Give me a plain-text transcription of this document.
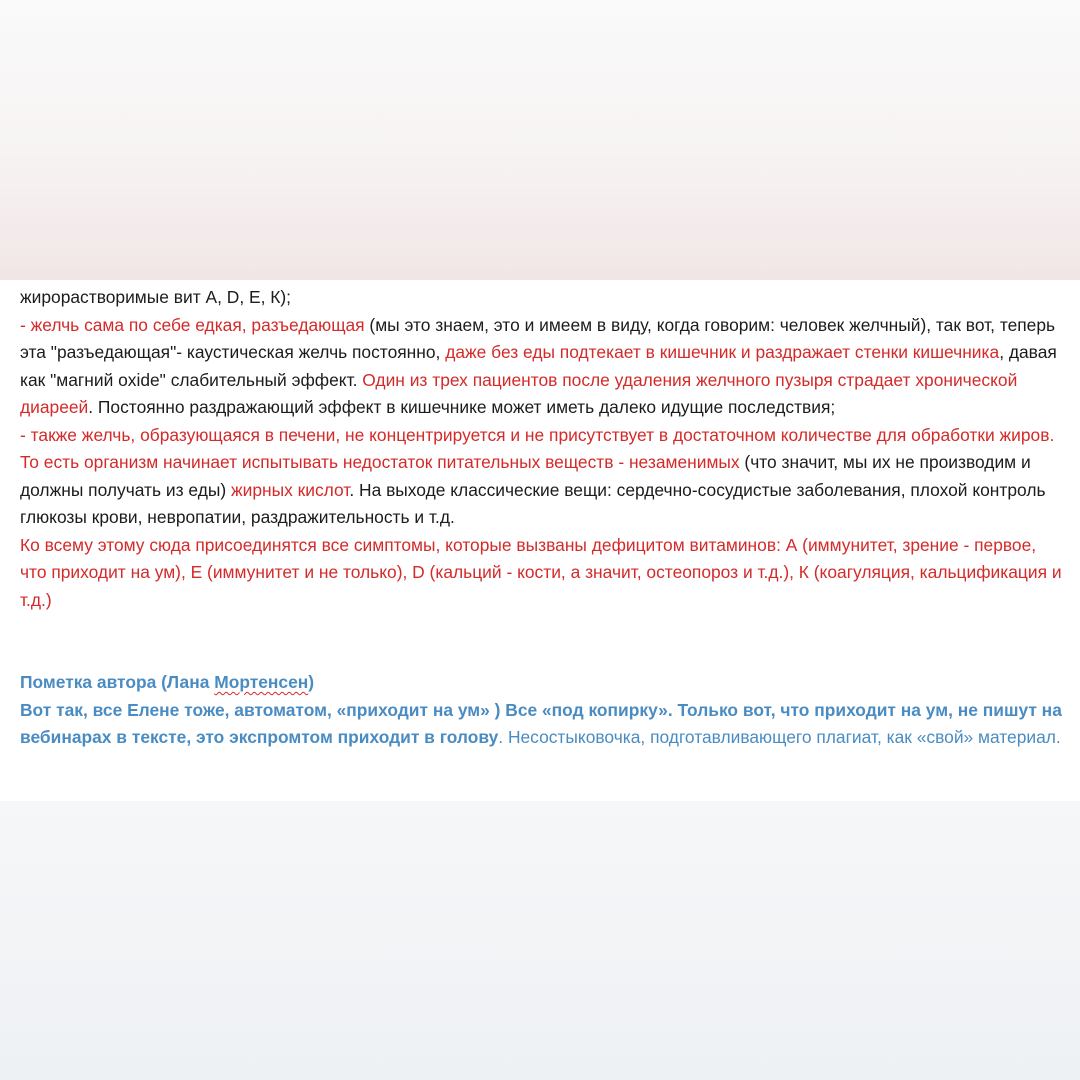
жирорастворимые вит А, D, Е, К);

- желчь сама по себе едкая, разъедающая (мы это знаем, это и имеем в виду, когда говорим: человек желчный), так вот, теперь эта "разъедающая"- каустическая желчь постоянно, даже без еды подтекает в кишечник и раздражает стенки кишечника, давая как "магний oxide" слабительный эффект. Один из трех пациентов после удаления желчного пузыря страдает хронической диареей. Постоянно раздражающий эффект в кишечнике может иметь далеко идущие последствия;

- также желчь, образующаяся в печени, не концентрируется и не присутствует в достаточном количестве для обработки жиров. То есть организм начинает испытывать недостаток питательных веществ - незаменимых (что значит, мы их не производим и должны получать из еды) жирных кислот. На выходе классические вещи: сердечно-сосудистые заболевания, плохой контроль глюкозы крови, невропатии, раздражительность и т.д.

Ко всему этому сюда присоединятся все симптомы, которые вызваны дефицитом витаминов: А (иммунитет, зрение - первое, что приходит на ум), Е (иммунитет и не только), D (кальций - кости, а значит, остеопороз и т.д.), К (коагуляция, кальцификация и т.д.)

Пометка автора (Лана Мортенсен)

Вот так, все Елене тоже, автоматом, «приходит на ум» ) Все «под копирку». Только вот, что приходит на ум, не пишут на вебинарах в тексте, это экспромтом приходит в голову. Несостыковочка, подготавливающего плагиат, как «свой» материал.
